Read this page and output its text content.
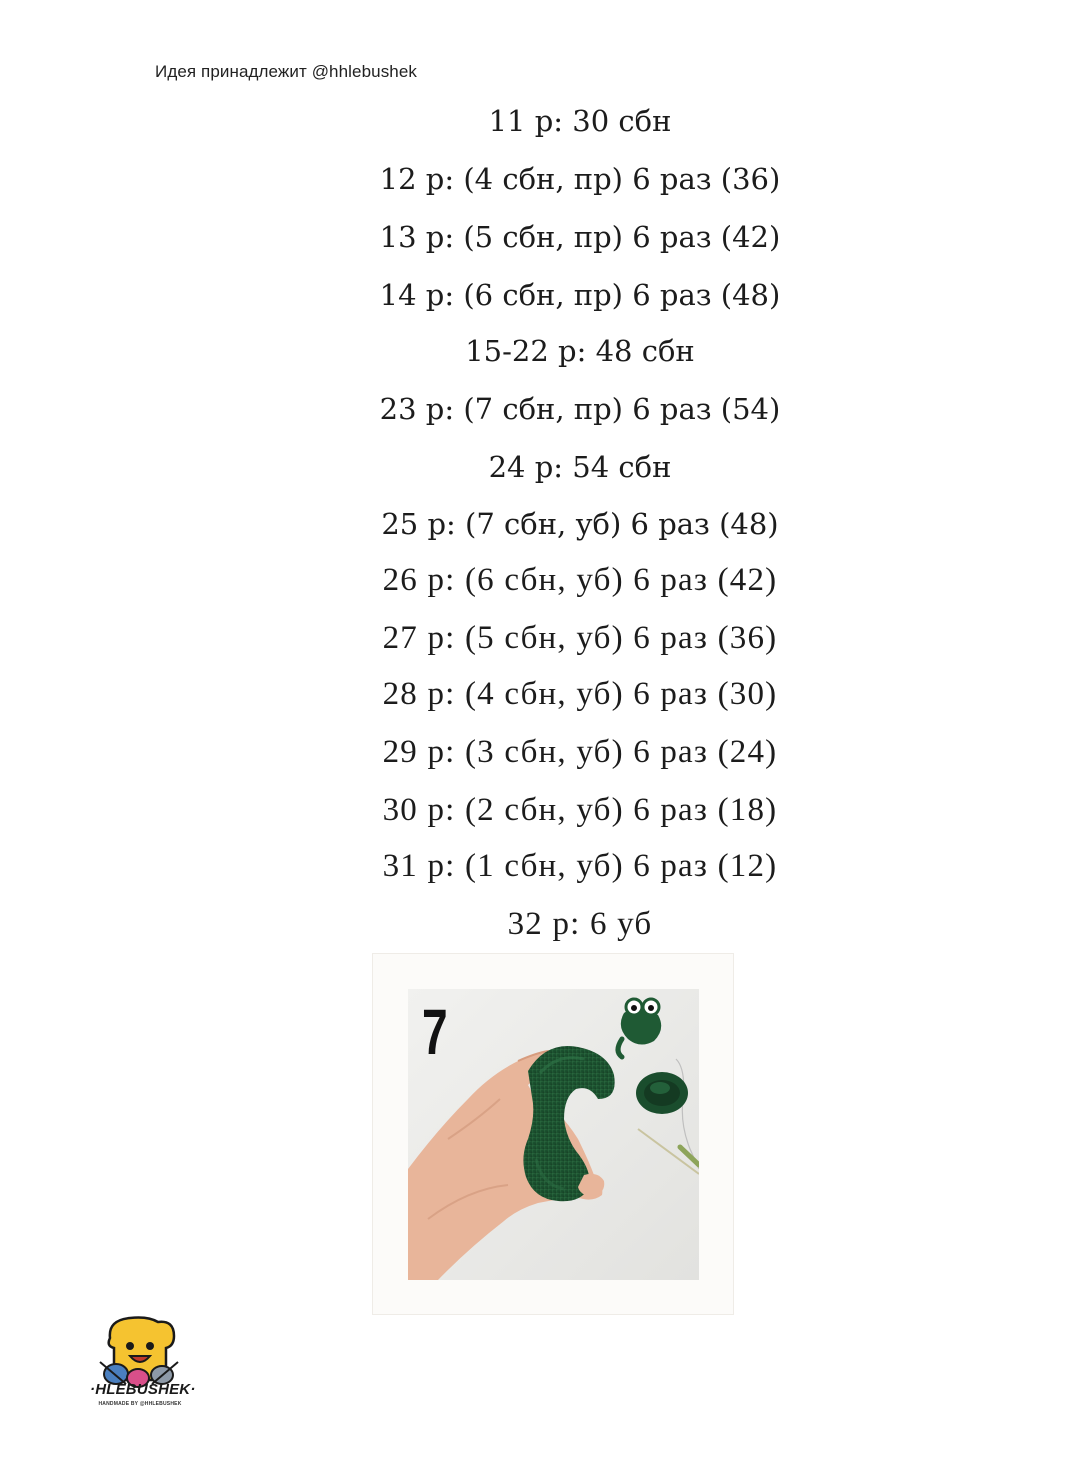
Идея принадлежит @hhlebushek
11 р: 30 сбн
12 р: (4 сбн, пр) 6 раз (36)
13 р: (5 сбн, пр) 6 раз (42)
14 р: (6 сбн, пр) 6 раз (48)
15-22 р: 48 сбн
23 р: (7 сбн, пр) 6 раз (54)
24 р: 54 сбн
25 р: (7 сбн, уб) 6 раз (48)
26 р: (6 сбн, уб) 6 раз (42)
27 р: (5 сбн, уб) 6 раз (36)
28 р: (4 сбн, уб) 6 раз (30)
29 р: (3 сбн, уб) 6 раз (24)
30 р: (2 сбн, уб) 6 раз (18)
31 р: (1 сбн, уб) 6 раз (12)
32 р: 6 уб
7
·HLEBUSHEK·
HANDMADE BY @HHLEBUSHEK
